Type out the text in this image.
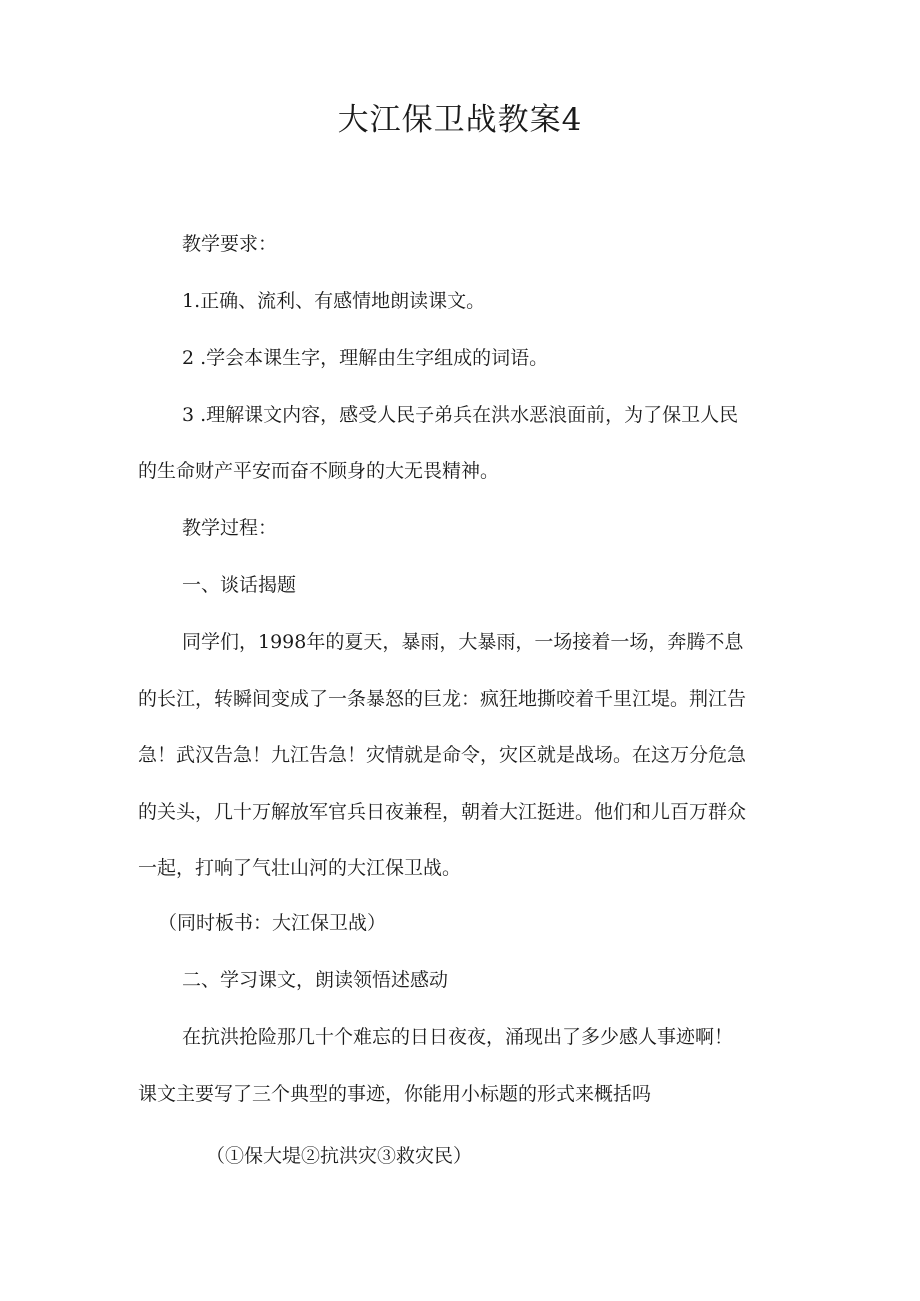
大江保卫战教案4
教学要求：
1.正确、流利、有感情地朗读课文。
2 .学会本课生字，理解由生字组成的词语。
3 .理解课文内容，感受人民子弟兵在洪水恶浪面前，为了保卫人民
的生命财产平安而奋不顾身的大无畏精神。
教学过程：
一、谈话揭题
同学们，1998年的夏天，暴雨，大暴雨，一场接着一场，奔腾不息
的长江，转瞬间变成了一条暴怒的巨龙：疯狂地撕咬着千里江堤。荆江告
急！武汉告急！九江告急！灾情就是命令，灾区就是战场。在这万分危急
的关头，几十万解放军官兵日夜兼程，朝着大江挺进。他们和儿百万群众
一起，打响了气壮山河的大江保卫战。
（同时板书：大江保卫战）
二、学习课文，朗读领悟述感动
在抗洪抢险那几十个难忘的日日夜夜，涌现出了多少感人事迹啊！
课文主要写了三个典型的事迹，你能用小标题的形式来概括吗
（①保大堤②抗洪灾③救灾民）
